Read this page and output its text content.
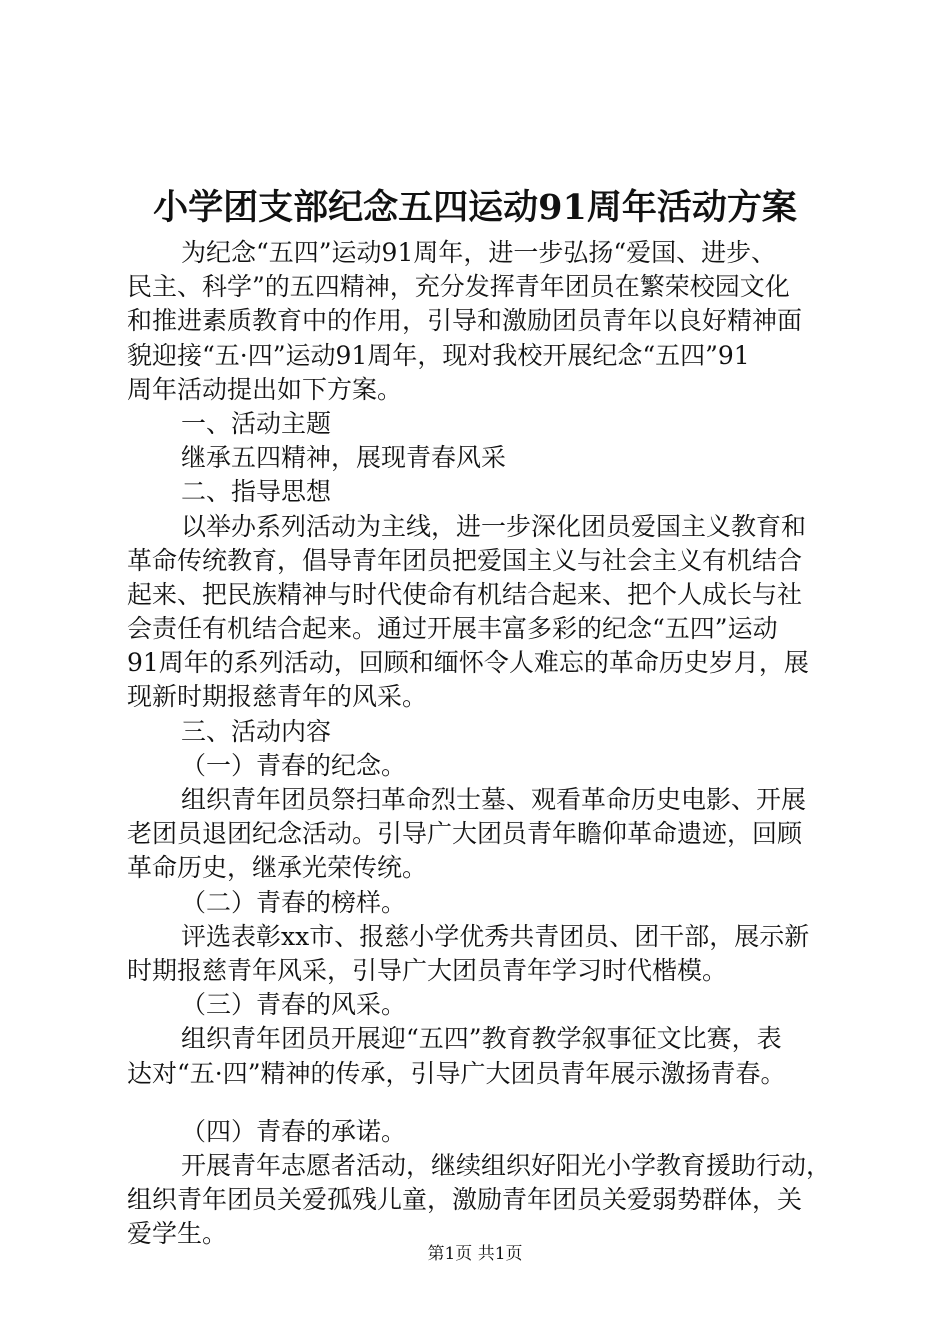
小学团支部纪念五四运动91周年活动方案
为纪念“五四”运动91周年，进一步弘扬“爱国、进步、
民主、科学”的五四精神，充分发挥青年团员在繁荣校园文化
和推进素质教育中的作用，引导和激励团员青年以良好精神面
貌迎接“五·四”运动91周年，现对我校开展纪念“五四”91
周年活动提出如下方案。
一、活动主题
继承五四精神，展现青春风采
二、指导思想
以举办系列活动为主线，进一步深化团员爱国主义教育和
革命传统教育，倡导青年团员把爱国主义与社会主义有机结合
起来、把民族精神与时代使命有机结合起来、把个人成长与社
会责任有机结合起来。通过开展丰富多彩的纪念“五四”运动
91周年的系列活动，回顾和缅怀令人难忘的革命历史岁月，展
现新时期报慈青年的风采。
三、活动内容
（一）青春的纪念。
组织青年团员祭扫革命烈士墓、观看革命历史电影、开展
老团员退团纪念活动。引导广大团员青年瞻仰革命遗迹，回顾
革命历史，继承光荣传统。
（二）青春的榜样。
评选表彰xx市、报慈小学优秀共青团员、团干部，展示新
时期报慈青年风采，引导广大团员青年学习时代楷模。
（三）青春的风采。
组织青年团员开展迎“五四”教育教学叙事征文比赛，表
达对“五·四”精神的传承，引导广大团员青年展示激扬青春。
（四）青春的承诺。
开展青年志愿者活动，继续组织好阳光小学教育援助行动，
组织青年团员关爱孤残儿童，激励青年团员关爱弱势群体，关
爱学生。
第1页 共1页
